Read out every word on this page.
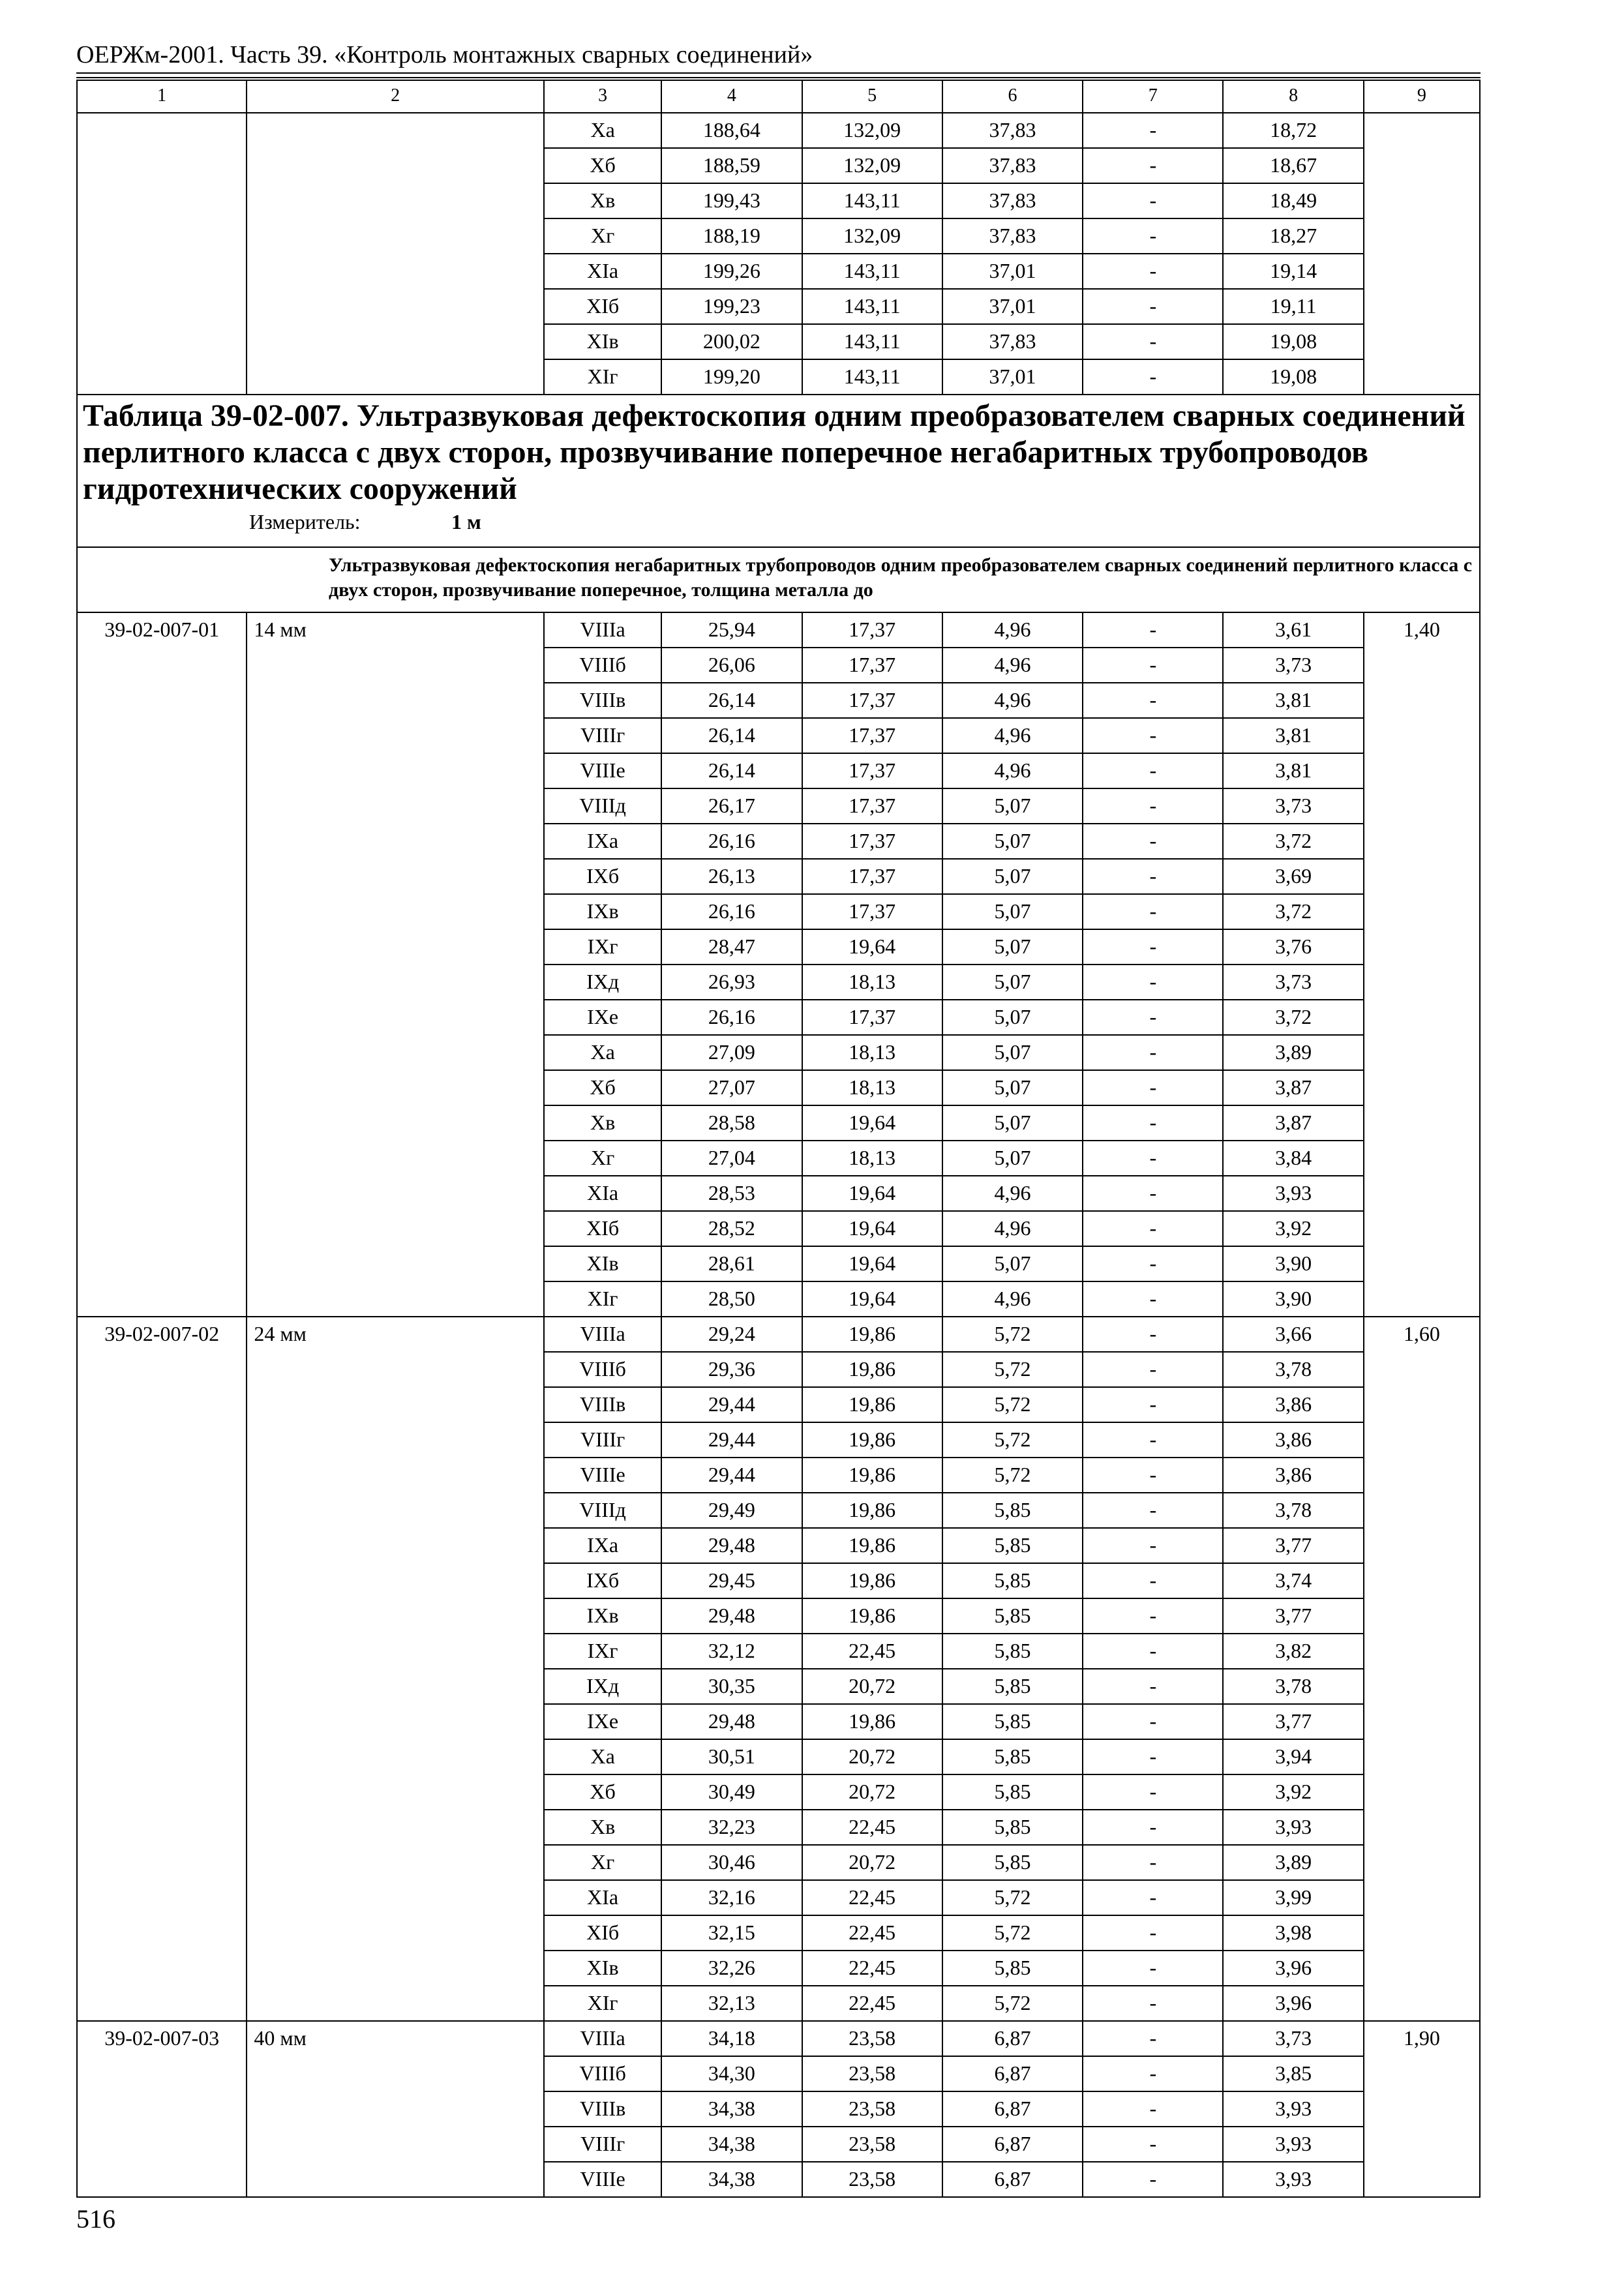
ОЕРЖм-2001. Часть 39. «Контроль монтажных сварных соединений»
1	2	3	4	5	6	7	8	9
		Xa	188,64	132,09	37,83	-	18,72	
		Xб	188,59	132,09	37,83	-	18,67	
		Xв	199,43	143,11	37,83	-	18,49	
		Xг	188,19	132,09	37,83	-	18,27	
		XIa	199,26	143,11	37,01	-	19,14	
		XIб	199,23	143,11	37,01	-	19,11	
		XIв	200,02	143,11	37,83	-	19,08	
		XIг	199,20	143,11	37,01	-	19,08	

Таблица 39-02-007. Ультразвуковая дефектоскопия одним преобразователем сварных соединений перлитного класса с двух сторон, прозвучивание поперечное негабаритных трубопроводов гидротехнических сооружений
Измеритель: 1 м								

Ультразвуковая дефектоскопия негабаритных трубопроводов одним преобразователем сварных соединений перлитного класса с двух сторон, прозвучивание поперечное, толщина металла до								
39-02-007-01	14 мм	VIIIa	25,94	17,37	4,96	-	3,61	1,40
		VIIIб	26,06	17,37	4,96	-	3,73	
		VIIIв	26,14	17,37	4,96	-	3,81	
		VIIIг	26,14	17,37	4,96	-	3,81	
		VIIIe	26,14	17,37	4,96	-	3,81	
		VIIIд	26,17	17,37	5,07	-	3,73	
		IXa	26,16	17,37	5,07	-	3,72	
		IXб	26,13	17,37	5,07	-	3,69	
		IXв	26,16	17,37	5,07	-	3,72	
		IXг	28,47	19,64	5,07	-	3,76	
		IXд	26,93	18,13	5,07	-	3,73	
		IXe	26,16	17,37	5,07	-	3,72	
		Xa	27,09	18,13	5,07	-	3,89	
		Xб	27,07	18,13	5,07	-	3,87	
		Xв	28,58	19,64	5,07	-	3,87	
		Xг	27,04	18,13	5,07	-	3,84	
		XIa	28,53	19,64	4,96	-	3,93	
		XIб	28,52	19,64	4,96	-	3,92	
		XIв	28,61	19,64	5,07	-	3,90	
		XIг	28,50	19,64	4,96	-	3,90	
39-02-007-02	24 мм	VIIIa	29,24	19,86	5,72	-	3,66	1,60
		VIIIб	29,36	19,86	5,72	-	3,78	
		VIIIв	29,44	19,86	5,72	-	3,86	
		VIIIг	29,44	19,86	5,72	-	3,86	
		VIIIe	29,44	19,86	5,72	-	3,86	
		VIIIд	29,49	19,86	5,85	-	3,78	
		IXa	29,48	19,86	5,85	-	3,77	
		IXб	29,45	19,86	5,85	-	3,74	
		IXв	29,48	19,86	5,85	-	3,77	
		IXг	32,12	22,45	5,85	-	3,82	
		IXд	30,35	20,72	5,85	-	3,78	
		IXe	29,48	19,86	5,85	-	3,77	
		Xa	30,51	20,72	5,85	-	3,94	
		Xб	30,49	20,72	5,85	-	3,92	
		Xв	32,23	22,45	5,85	-	3,93	
		Xг	30,46	20,72	5,85	-	3,89	
		XIa	32,16	22,45	5,72	-	3,99	
		XIб	32,15	22,45	5,72	-	3,98	
		XIв	32,26	22,45	5,85	-	3,96	
		XIг	32,13	22,45	5,72	-	3,96	
39-02-007-03	40 мм	VIIIa	34,18	23,58	6,87	-	3,73	1,90
		VIIIб	34,30	23,58	6,87	-	3,85	
		VIIIв	34,38	23,58	6,87	-	3,93	
		VIIIг	34,38	23,58	6,87	-	3,93	
		VIIIe	34,38	23,58	6,87	-	3,93	
516
